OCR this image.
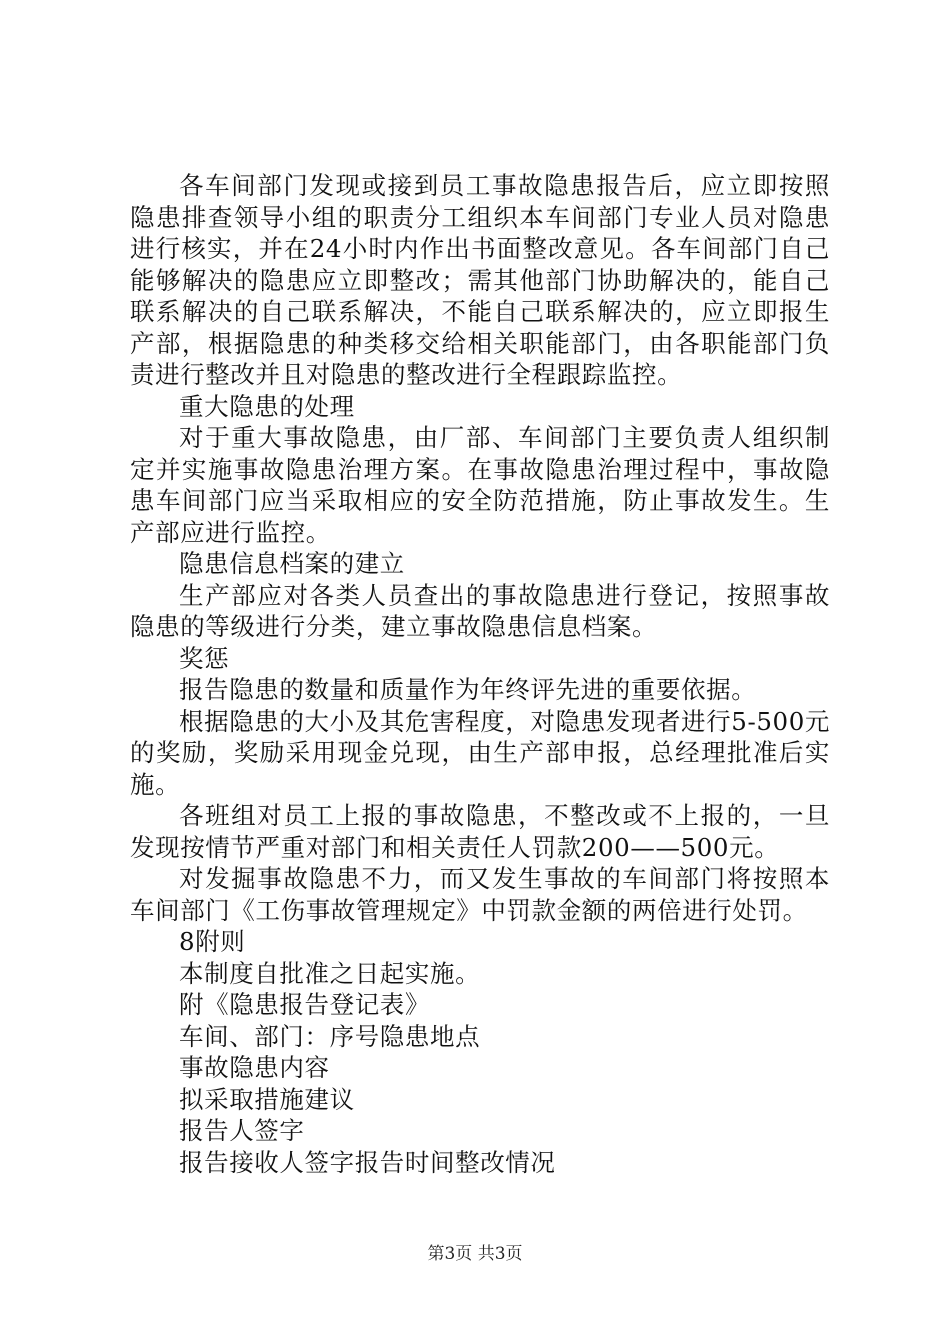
各车间部门发现或接到员工事故隐患报告后，应立即按照隐患排查领导小组的职责分工组织本车间部门专业人员对隐患进行核实，并在24小时内作出书面整改意见。各车间部门自己能够解决的隐患应立即整改；需其他部门协助解决的，能自己联系解决的自己联系解决，不能自己联系解决的，应立即报生产部，根据隐患的种类移交给相关职能部门，由各职能部门负责进行整改并且对隐患的整改进行全程跟踪监控。

重大隐患的处理

对于重大事故隐患，由厂部、车间部门主要负责人组织制定并实施事故隐患治理方案。在事故隐患治理过程中，事故隐患车间部门应当采取相应的安全防范措施，防止事故发生。生产部应进行监控。

隐患信息档案的建立

生产部应对各类人员查出的事故隐患进行登记，按照事故隐患的等级进行分类，建立事故隐患信息档案。

奖惩

报告隐患的数量和质量作为年终评先进的重要依据。

根据隐患的大小及其危害程度，对隐患发现者进行5-500元的奖励，奖励采用现金兑现，由生产部申报，总经理批准后实施。

各班组对员工上报的事故隐患，不整改或不上报的，一旦发现按情节严重对部门和相关责任人罚款200——500元。

对发掘事故隐患不力，而又发生事故的车间部门将按照本车间部门《工伤事故管理规定》中罚款金额的两倍进行处罚。

8附则

本制度自批准之日起实施。

附《隐患报告登记表》

车间、部门：序号隐患地点

事故隐患内容

拟采取措施建议

报告人签字

报告接收人签字报告时间整改情况

第3页 共3页
